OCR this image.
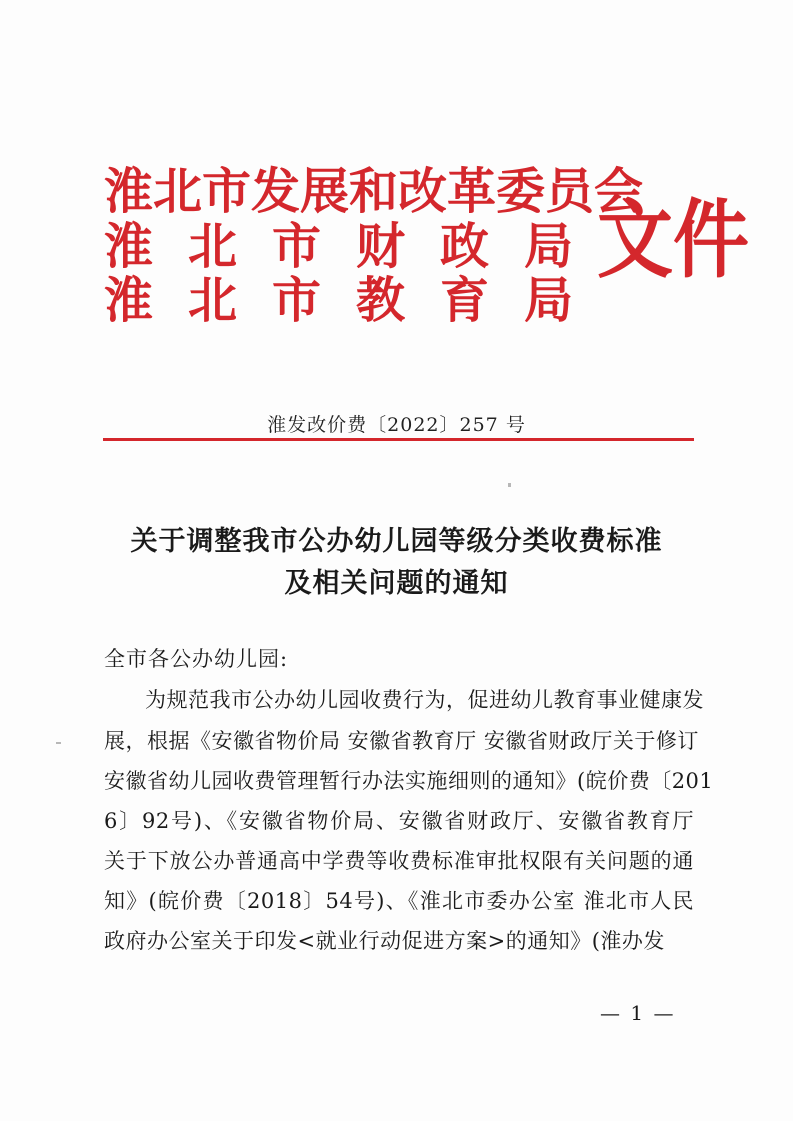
淮北市发展和改革委员会
淮北市财政局
淮北市教育局
文件
淮发改价费〔2022〕257 号
关于调整我市公办幼儿园等级分类收费标准
及相关问题的通知
全市各公办幼儿园:
为规范我市公办幼儿园收费行为，促进幼儿教育事业健康发
展，根据《安徽省物价局 安徽省教育厅 安徽省财政厅关于修订
安徽省幼儿园收费管理暂行办法实施细则的通知》(皖价费〔201
6〕92号)、《安徽省物价局、安徽省财政厅、安徽省教育厅
关于下放公办普通高中学费等收费标准审批权限有关问题的通
知》(皖价费〔2018〕54号)、《淮北市委办公室 淮北市人民
政府办公室关于印发<就业行动促进方案>的通知》(淮办发
— 1 —
